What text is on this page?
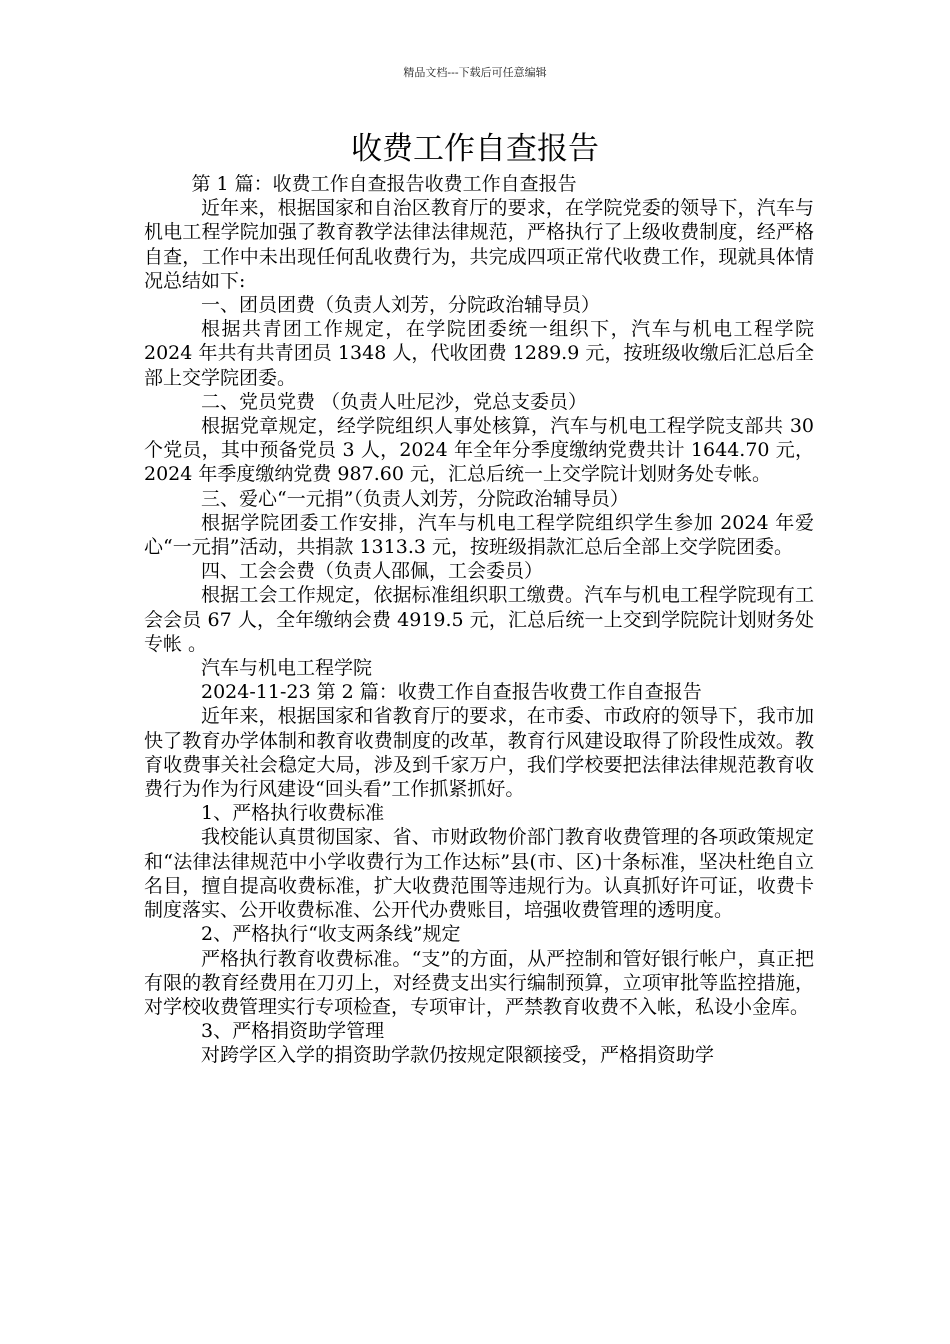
精品文档---下载后可任意编辑
收费工作自查报告

第 1 篇：收费工作自查报告收费工作自查报告

近年来，根据国家和自治区教育厅的要求，在学院党委的领导下，汽车与机电工程学院加强了教育教学法律法律规范，严格执行了上级收费制度，经严格自查，工作中未出现任何乱收费行为，共完成四项正常代收费工作，现就具体情况总结如下:

一、团员团费（负责人刘芳，分院政治辅导员）

根据共青团工作规定，在学院团委统一组织下，汽车与机电工程学院 2024 年共有共青团员 1348 人，代收团费 1289.9 元，按班级收缴后汇总后全部上交学院团委。

二、党员党费 （负责人吐尼沙，党总支委员）

根据党章规定，经学院组织人事处核算，汽车与机电工程学院支部共 30 个党员，其中预备党员 3 人，2024 年全年分季度缴纳党费共计 1644.70 元， 2024 年季度缴纳党费 987.60 元，汇总后统一上交学院计划财务处专帐。

三、爱心“一元捐”（负责人刘芳，分院政治辅导员）

根据学院团委工作安排，汽车与机电工程学院组织学生参加 2024 年爱心“一元捐”活动，共捐款 1313.3 元，按班级捐款汇总后全部上交学院团委。

四、工会会费（负责人邵佩，工会委员）

根据工会工作规定，依据标准组织职工缴费。汽车与机电工程学院现有工会会员 67 人，全年缴纳会费 4919.5 元，汇总后统一上交到学院院计划财务处专帐 。

汽车与机电工程学院

2024-11-23 第 2 篇：收费工作自查报告收费工作自查报告

近年来，根据国家和省教育厅的要求，在市委、市政府的领导下，我市加快了教育办学体制和教育收费制度的改革，教育行风建设取得了阶段性成效。教育收费事关社会稳定大局，涉及到千家万户，我们学校要把法律法律规范教育收费行为作为行风建设“回头看”工作抓紧抓好。

1、严格执行收费标准

我校能认真贯彻国家、省、市财政物价部门教育收费管理的各项政策规定和“法律法律规范中小学收费行为工作达标”县(市、区)十条标准，坚决杜绝自立名目，擅自提高收费标准，扩大收费范围等违规行为。认真抓好许可证，收费卡制度落实、公开收费标准、公开代办费账目，培强收费管理的透明度。

2、严格执行“收支两条线”规定

严格执行教育收费标准。“支”的方面，从严控制和管好银行帐户，真正把有限的教育经费用在刀刃上，对经费支出实行编制预算，立项审批等监控措施，对学校收费管理实行专项检查，专项审计，严禁教育收费不入帐，私设小金库。

3、严格捐资助学管理

对跨学区入学的捐资助学款仍按规定限额接受，严格捐资助学
